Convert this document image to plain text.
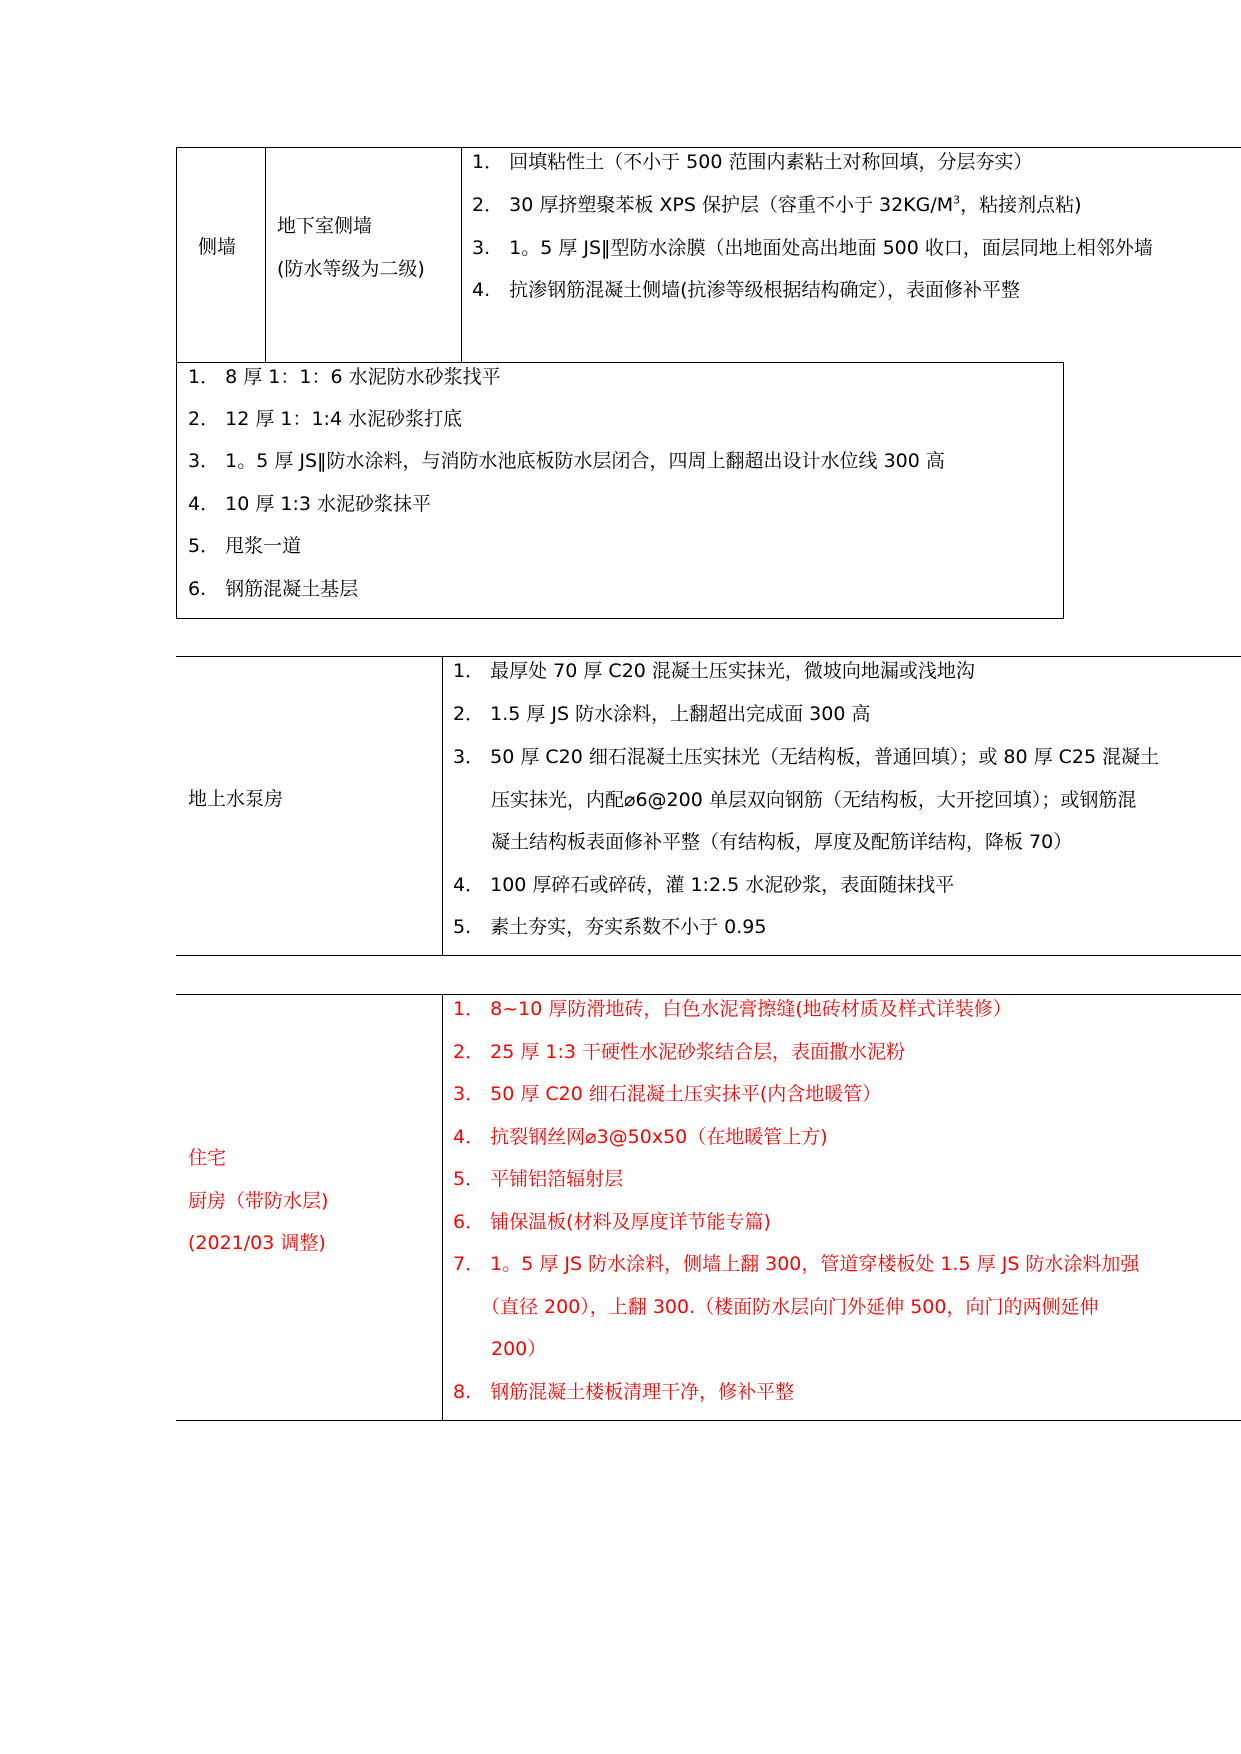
侧墙
地下室侧墙
(防水等级为二级)
1． 回填粘性土（不小于 500 范围内素粘土对称回填，分层夯实）
2． 30 厚挤塑聚苯板 XPS 保护层（容重不小于 $32KG/M^3$，粘接剂点粘)
3.　1。5 厚 JS‖型防水涂膜（出地面处高出地面 500 收口，面层同地上相邻外墙
4.　抗渗钢筋混凝土侧墙(抗渗等级根据结构确定），表面修补平整
1． 8 厚 1：1：6 水泥防水砂浆找平
2． 12 厚 1：1:4 水泥砂浆打底
3． 1。5 厚 JS‖防水涂料，与消防水池底板防水层闭合，四周上翻超出设计水位线 300 高
4． 10 厚 1:3 水泥砂浆抹平
5． 甩浆一道
6.　钢筋混凝土基层
地上水泵房
1． 最厚处 70 厚 C20 混凝土压实抹光，微坡向地漏或浅地沟
2． 1.5 厚 JS 防水涂料，上翻超出完成面 300 高
3． 50 厚 C20 细石混凝土压实抹光（无结构板，普通回填）；或 80 厚 C25 混凝土
压实抹光，内配⌀6@200 单层双向钢筋（无结构板，大开挖回填）；或钢筋混
凝土结构板表面修补平整（有结构板，厚度及配筋详结构，降板 70）
4． 100 厚碎石或碎砖，灌 1:2.5 水泥砂浆，表面随抹找平
5.　素土夯实，夯实系数不小于 0.95
住宅
厨房（带防水层)
(2021/03 调整)
1． 8~10 厚防滑地砖，白色水泥膏擦缝(地砖材质及样式详装修）
2． 25 厚 1:3 干硬性水泥砂浆结合层，表面撒水泥粉
3． 50 厚 C20 细石混凝土压实抹平(内含地暖管）
4． 抗裂钢丝网⌀3@50x50（在地暖管上方)
5． 平铺铝箔辐射层
6． 铺保温板(材料及厚度详节能专篇)
7． 1。5 厚 JS 防水涂料，侧墙上翻 300，管道穿楼板处 1.5 厚 JS 防水涂料加强
（直径 200），上翻 300.（楼面防水层向门外延伸 500，向门的两侧延伸
200）
8.　钢筋混凝土楼板清理干净，修补平整
